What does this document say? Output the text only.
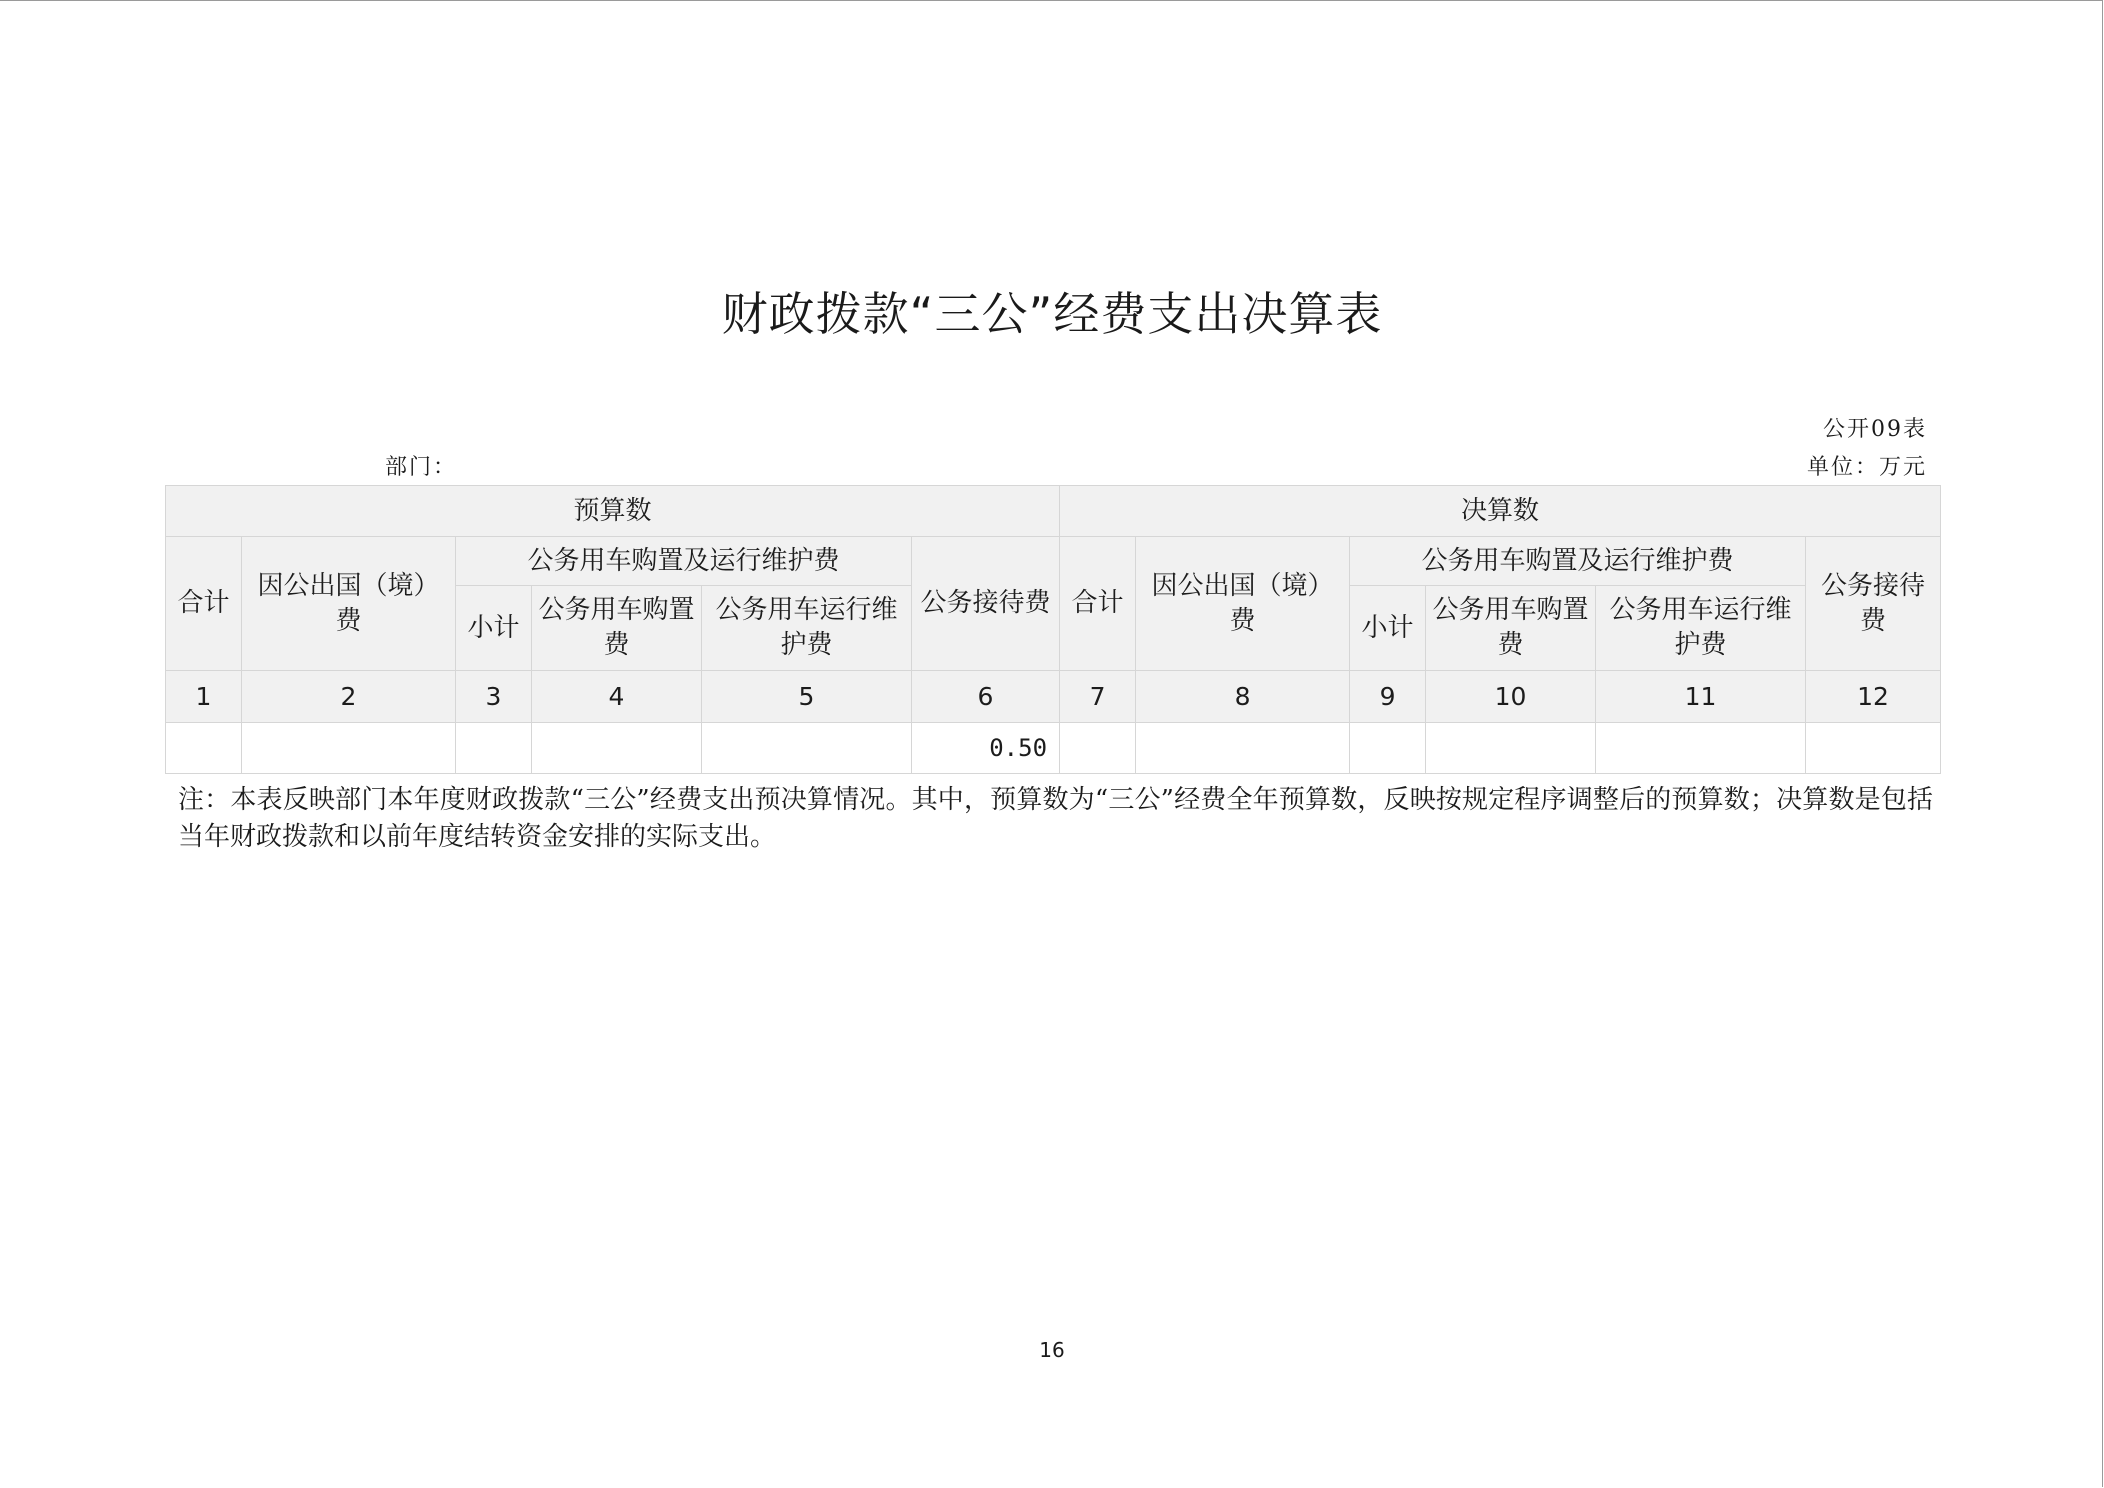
财政拨款“三公”经费支出决算表
公开09表
部门：	单位：万元
预算数						决算数					
合计	因公出国（境）费	公务用车购置及运行维护费			公务接待费	合计	因公出国（境）费	公务用车购置及运行维护费			公务接待费
		小计	公务用车购置费	公务用车运行维护费				小计	公务用车购置费	公务用车运行维护费	
1	2	3	4	5	6	7	8	9	10	11	12
					0.50						
注：本表反映部门本年度财政拨款“三公”经费支出预决算情况。其中，预算数为“三公”经费全年预算数，反映按规定程序调整后的预算数；决算数是包括当年财政拨款和以前年度结转资金安排的实际支出。
16
